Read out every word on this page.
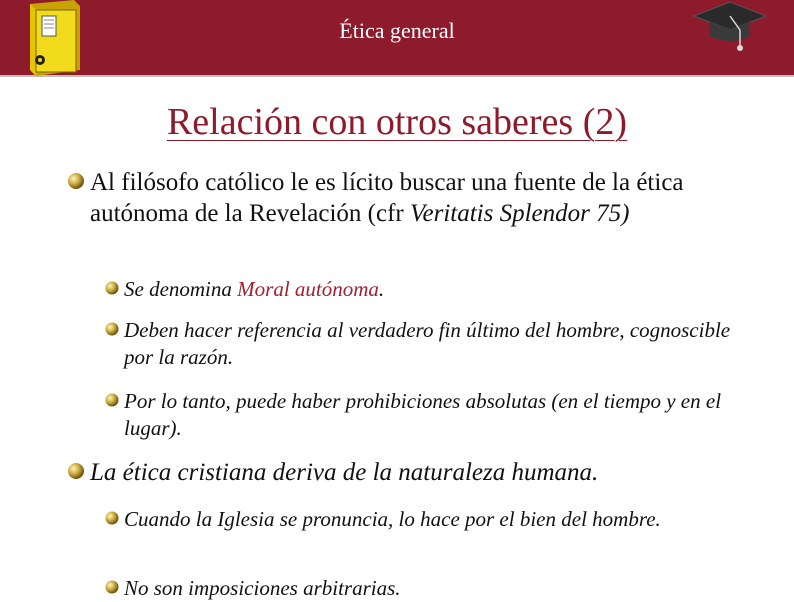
Ética general
Relación con otros saberes (2)
Al filósofo católico le es lícito buscar una fuente de la ética autónoma de la Revelación (cfr Veritatis Splendor 75)
Se denomina Moral autónoma.
Deben hacer referencia al verdadero fin último del hombre, cognoscible por la razón.
Por lo tanto, puede haber prohibiciones absolutas (en el tiempo y en el lugar).
La ética cristiana deriva de la naturaleza humana.
Cuando la Iglesia se pronuncia, lo hace por el bien del hombre.
No son imposiciones arbitrarias.
